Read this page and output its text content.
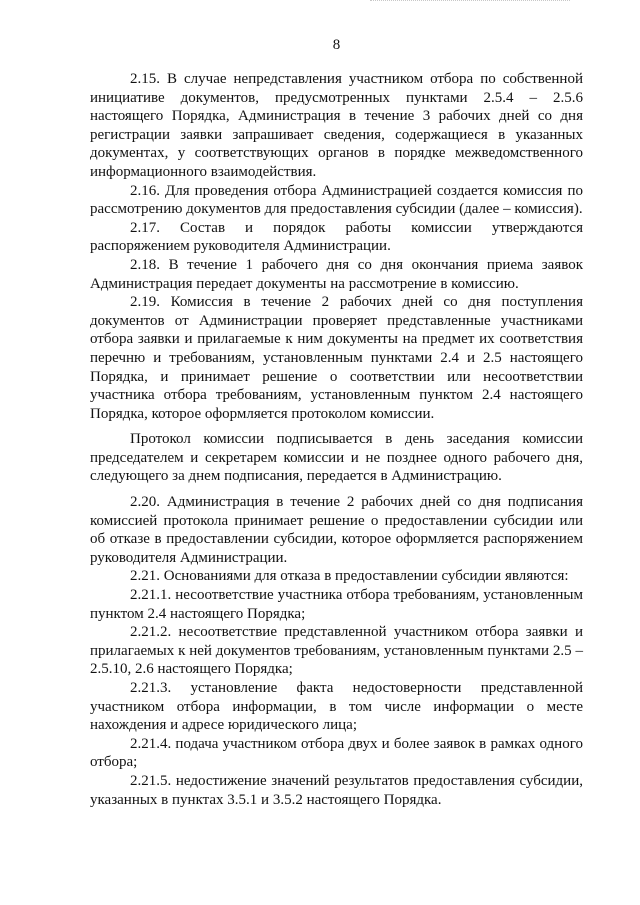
8

2.15. В случае непредставления участником отбора по собственной инициативе документов, предусмотренных пунктами 2.5.4 – 2.5.6 настоящего Порядка, Администрация в течение 3 рабочих дней со дня регистрации заявки запрашивает сведения, содержащиеся в указанных документах, у соответствующих органов в порядке межведомственного информационного взаимодействия.

2.16. Для проведения отбора Администрацией создается комиссия по рассмотрению документов для предоставления субсидии (далее – комиссия).

2.17. Состав и порядок работы комиссии утверждаются распоряжением руководителя Администрации.

2.18. В течение 1 рабочего дня со дня окончания приема заявок Администрация передает документы на рассмотрение в комиссию.

2.19. Комиссия в течение 2 рабочих дней со дня поступления документов от Администрации проверяет представленные участниками отбора заявки и прилагаемые к ним документы на предмет их соответствия перечню и требованиям, установленным пунктами 2.4 и 2.5 настоящего Порядка, и принимает решение о соответствии или несоответствии участника отбора требованиям, установленным пунктом 2.4 настоящего Порядка, которое оформляется протоколом комиссии.

Протокол комиссии подписывается в день заседания комиссии председателем и секретарем комиссии и не позднее одного рабочего дня, следующего за днем подписания, передается в Администрацию.

2.20. Администрация в течение 2 рабочих дней со дня подписания комиссией протокола принимает решение о предоставлении субсидии или об отказе в предоставлении субсидии, которое оформляется распоряжением руководителя Администрации.

2.21. Основаниями для отказа в предоставлении субсидии являются:

2.21.1. несоответствие участника отбора требованиям, установленным пунктом 2.4 настоящего Порядка;

2.21.2. несоответствие представленной участником отбора заявки и прилагаемых к ней документов требованиям, установленным пунктами 2.5 – 2.5.10, 2.6 настоящего Порядка;

2.21.3. установление факта недостоверности представленной участником отбора информации, в том числе информации о месте нахождения и адресе юридического лица;

2.21.4. подача участником отбора двух и более заявок в рамках одного отбора;

2.21.5. недостижение значений результатов предоставления субсидии, указанных в пунктах 3.5.1 и 3.5.2 настоящего Порядка.
